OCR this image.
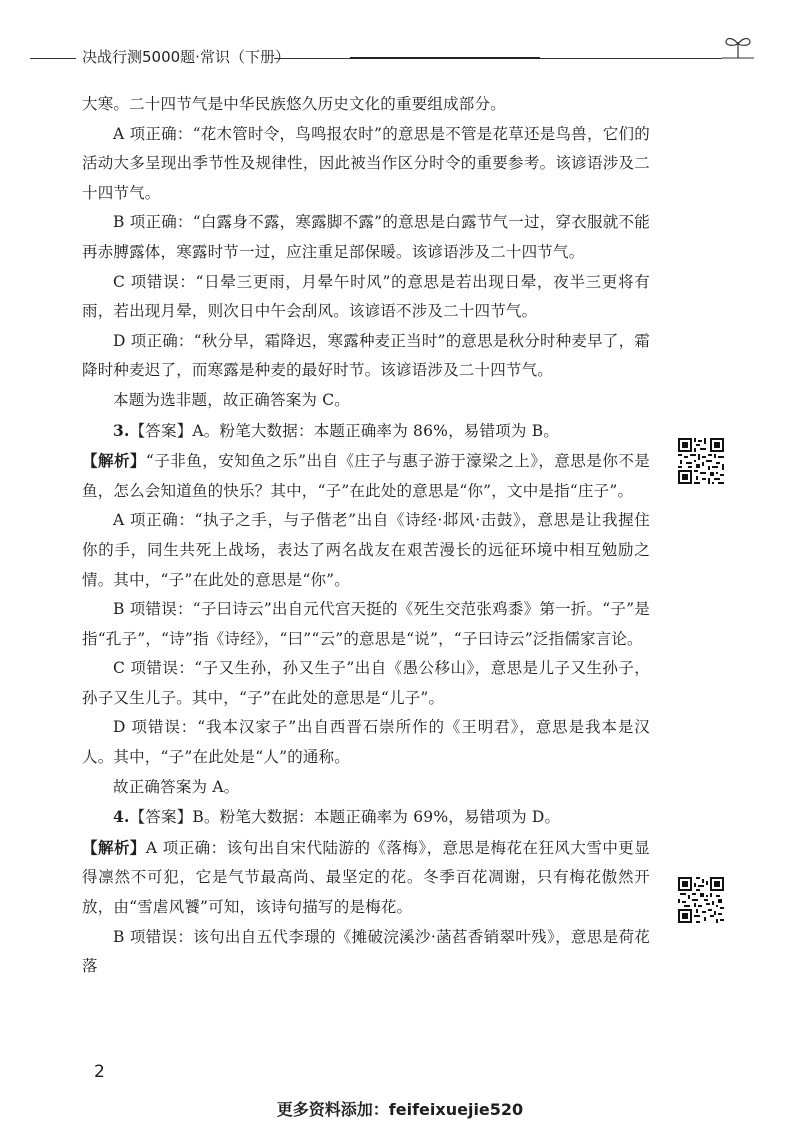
决战行测5000题·常识（下册）

大寒。二十四节气是中华民族悠久历史文化的重要组成部分。

A 项正确：“花木管时令，鸟鸣报农时”的意思是不管是花草还是鸟兽，它们的活动大多呈现出季节性及规律性，因此被当作区分时令的重要参考。该谚语涉及二十四节气。

B 项正确：“白露身不露，寒露脚不露”的意思是白露节气一过，穿衣服就不能再赤膊露体，寒露时节一过，应注重足部保暖。该谚语涉及二十四节气。

C 项错误：“日晕三更雨，月晕午时风”的意思是若出现日晕，夜半三更将有雨，若出现月晕，则次日中午会刮风。该谚语不涉及二十四节气。

D 项正确：“秋分早，霜降迟，寒露种麦正当时”的意思是秋分时种麦早了，霜降时种麦迟了，而寒露是种麦的最好时节。该谚语涉及二十四节气。

本题为选非题，故正确答案为 C。

3.【答案】A。粉笔大数据：本题正确率为 86%，易错项为 B。

【解析】“子非鱼，安知鱼之乐”出自《庄子与惠子游于濠梁之上》，意思是你不是鱼，怎么会知道鱼的快乐？其中，“子”在此处的意思是“你”，文中是指“庄子”。

A 项正确：“执子之手，与子偕老”出自《诗经·邶风·击鼓》，意思是让我握住你的手，同生共死上战场，表达了两名战友在艰苦漫长的远征环境中相互勉励之情。其中，“子”在此处的意思是“你”。

B 项错误：“子曰诗云”出自元代宫天挺的《死生交范张鸡黍》第一折。“子”是指“孔子”，“诗”指《诗经》，“曰”“云”的意思是“说”，“子曰诗云”泛指儒家言论。

C 项错误：“子又生孙，孙又生子”出自《愚公移山》，意思是儿子又生孙子，孙子又生儿子。其中，“子”在此处的意思是“儿子”。

D 项错误：“我本汉家子”出自西晋石崇所作的《王明君》，意思是我本是汉人。其中，“子”在此处是“人”的通称。

故正确答案为 A。

4.【答案】B。粉笔大数据：本题正确率为 69%，易错项为 D。

【解析】A 项正确：该句出自宋代陆游的《落梅》，意思是梅花在狂风大雪中更显得凛然不可犯，它是气节最高尚、最坚定的花。冬季百花凋谢，只有梅花傲然开放，由“雪虐风饕”可知，该诗句描写的是梅花。

B 项错误：该句出自五代李璟的《摊破浣溪沙·菡萏香销翠叶残》，意思是荷花落

2
更多资料添加：feifeixuejie520
